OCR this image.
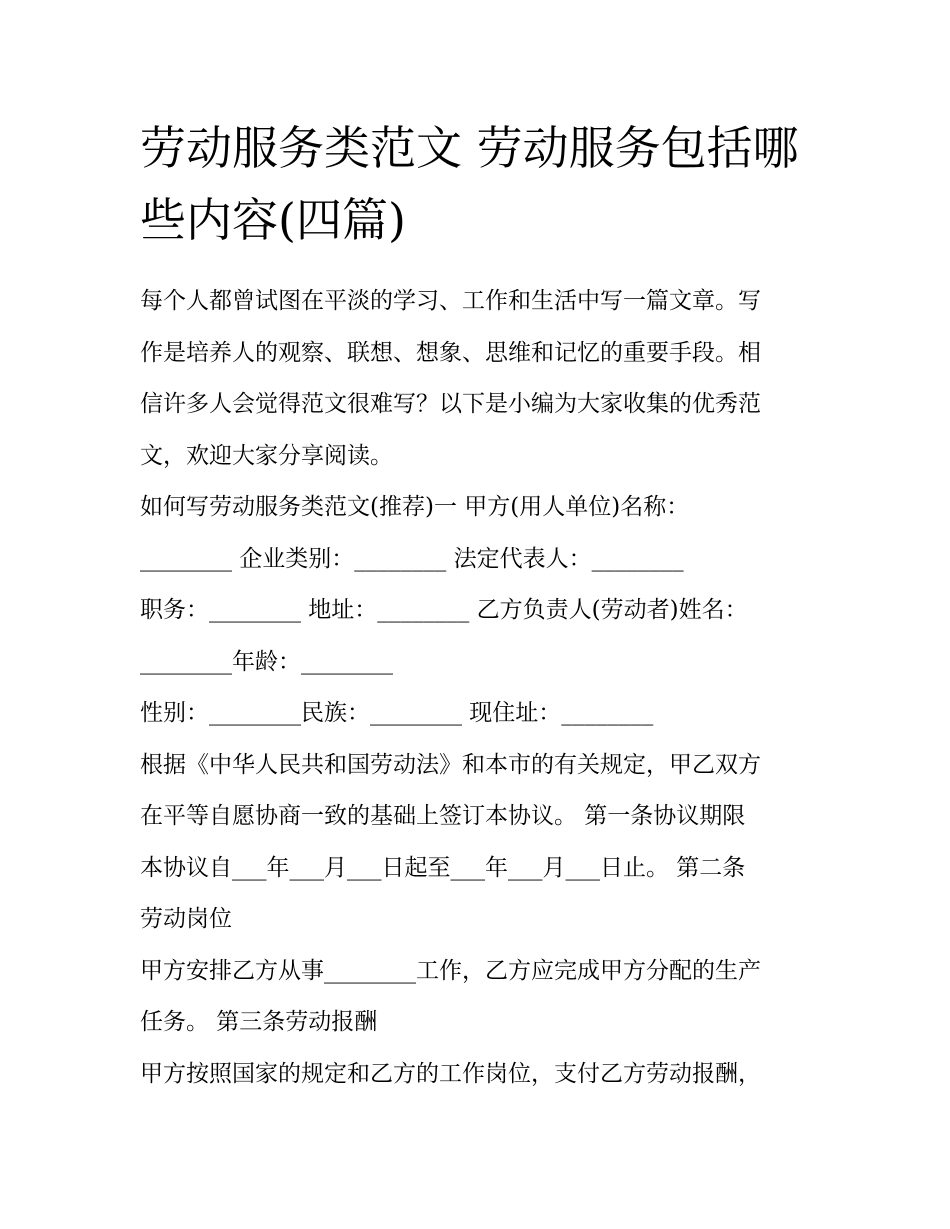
劳动服务类范文 劳动服务包括哪些内容(四篇)
每个人都曾试图在平淡的学习、工作和生活中写一篇文章。写
作是培养人的观察、联想、想象、思维和记忆的重要手段。相
信许多人会觉得范文很难写？以下是小编为大家收集的优秀范
文，欢迎大家分享阅读。
如何写劳动服务类范文(推荐)一 甲方(用人单位)名称：
________ 企业类别：________ 法定代表人：________
职务：________ 地址：________ 乙方负责人(劳动者)姓名：
________年龄：________
性别：________民族：________ 现住址：________
根据《中华人民共和国劳动法》和本市的有关规定，甲乙双方
在平等自愿协商一致的基础上签订本协议。 第一条协议期限
本协议自___年___月___日起至___年___月___日止。 第二条
劳动岗位
甲方安排乙方从事________工作，乙方应完成甲方分配的生产
任务。 第三条劳动报酬
甲方按照国家的规定和乙方的工作岗位，支付乙方劳动报酬，
